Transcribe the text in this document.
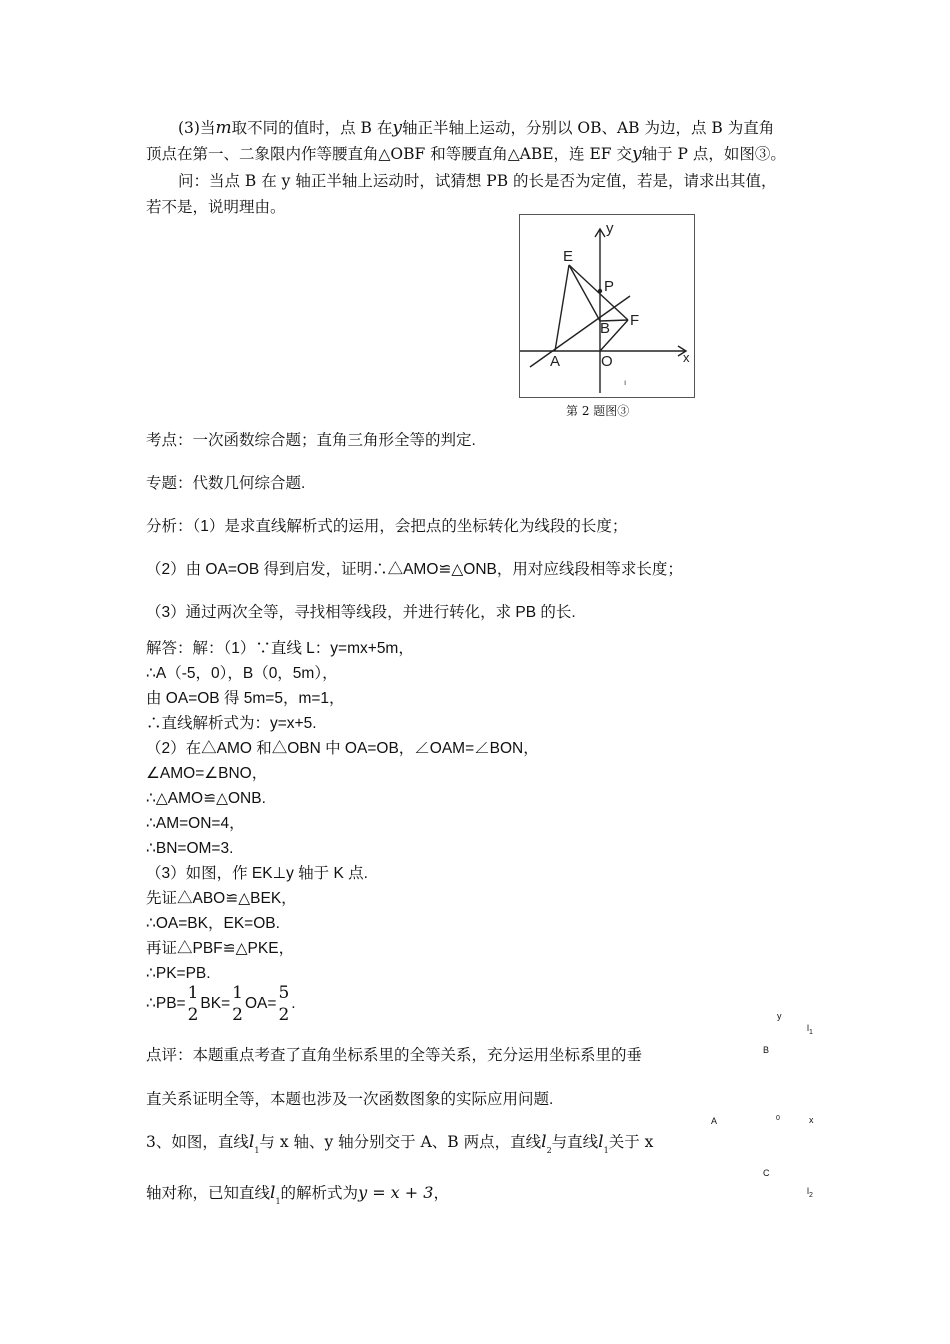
(3)当m取不同的值时，点 B 在y轴正半轴上运动，分别以 OB、AB 为边，点 B 为直角

顶点在第一、二象限内作等腰直角△OBF 和等腰直角△ABE，连 EF 交y轴于 P 点，如图③。

问：当点 B 在 y 轴正半轴上运动时，试猜想 PB 的长是否为定值，若是，请求出其值，

若不是，说明理由。

y
x
E
P
B F
A	O
ı
第 2 题图③
考点：一次函数综合题；直角三角形全等的判定.
专题：代数几何综合题.
分析：（1）是求直线解析式的运用，会把点的坐标转化为线段的长度；
（2）由 OA=OB 得到启发，证明∴△AMO≌△ONB，用对应线段相等求长度；
（3）通过两次全等，寻找相等线段，并进行转化，求 PB 的长.
解答：解：（1）∵直线 L：y=mx+5m，
∴A（-5，0），B（0，5m），
由 OA=OB 得 5m=5，m=1，
∴直线解析式为：y=x+5.
（2）在△AMO 和△OBN 中 OA=OB，∠OAM=∠BON，
∠AMO=∠BNO，
∴△AMO≌△ONB.
∴AM=ON=4，
∴BN=OM=3.
（3）如图，作 EK⊥y 轴于 K 点.
先证△ABO≌△BEK，
∴OA=BK，EK=OB.
再证△PBF≌△PKE，
∴PK=PB.
∴PB=
1
2
BK=
1
2
OA=
5
2
.
点评：本题重点考查了直角坐标系里的全等关系，充分运用坐标系里的垂
直关系证明全等，本题也涉及一次函数图象的实际应用问题.
3、如图，直线$l_1$与 x 轴、y 轴分别交于 A、B 两点，直线$l_2$与直线$l_1$关于 x
轴对称，已知直线$l_1$的解析式为y = x + 3，
y
$l_1$
B
A	0	x
C
$l_2$
